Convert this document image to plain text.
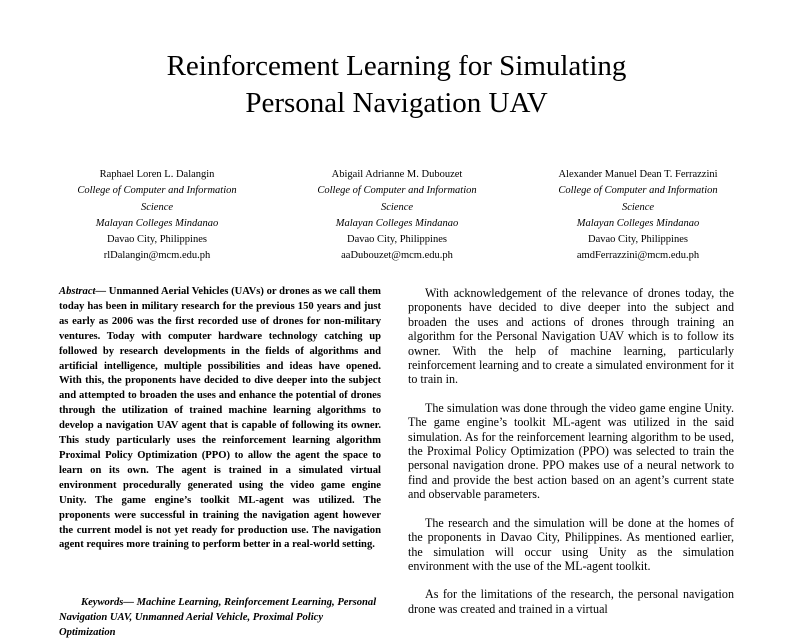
Reinforcement Learning for Simulating
Personal Navigation UAV
Raphael Loren L. Dalangin
College of Computer and Information
Science
Malayan Colleges Mindanao
Davao City, Philippines
rlDalangin@mcm.edu.ph
Abigail Adrianne M. Dubouzet
College of Computer and Information
Science
Malayan Colleges Mindanao
Davao City, Philippines
aaDubouzet@mcm.edu.ph
Alexander Manuel Dean T. Ferrazzini
College of Computer and Information
Science
Malayan Colleges Mindanao
Davao City, Philippines
amdFerrazzini@mcm.edu.ph
Abstract— Unmanned Aerial Vehicles (UAVs) or drones as we call them today has been in military research for the previous 150 years and just as early as 2006 was the first recorded use of drones for non-military ventures. Today with computer hardware technology catching up followed by research developments in the fields of algorithms and artificial intelligence, multiple possibilities and ideas have opened. With this, the proponents have decided to dive deeper into the subject and attempted to broaden the uses and enhance the potential of drones through the utilization of trained machine learning algorithms to develop a navigation UAV agent that is capable of following its owner. This study particularly uses the reinforcement learning algorithm Proximal Policy Optimization (PPO) to allow the agent the space to learn on its own. The agent is trained in a simulated virtual environment procedurally generated using the video game engine Unity. The game engine’s toolkit ML-agent was utilized. The proponents were successful in training the navigation agent however the current model is not yet ready for production use. The navigation agent requires more training to perform better in a real-world setting.
Keywords— Machine Learning, Reinforcement Learning, Personal Navigation UAV, Unmanned Aerial Vehicle, Proximal Policy Optimization

With acknowledgement of the relevance of drones today, the proponents have decided to dive deeper into the subject and broaden the uses and actions of drones through training an algorithm for the Personal Navigation UAV which is to follow its owner. With the help of machine learning, particularly reinforcement learning and to create a simulated environment for it to train in.

The simulation was done through the video game engine Unity. The game engine’s toolkit ML-agent was utilized in the said simulation. As for the reinforcement learning algorithm to be used, the Proximal Policy Optimization (PPO) was selected to train the personal navigation drone. PPO makes use of a neural network to find and provide the best action based on an agent’s current state and observable parameters.

The research and the simulation will be done at the homes of the proponents in Davao City, Philippines. As mentioned earlier, the simulation will occur using Unity as the simulation environment with the use of the ML-agent toolkit.

As for the limitations of the research, the personal navigation drone was created and trained in a virtual
